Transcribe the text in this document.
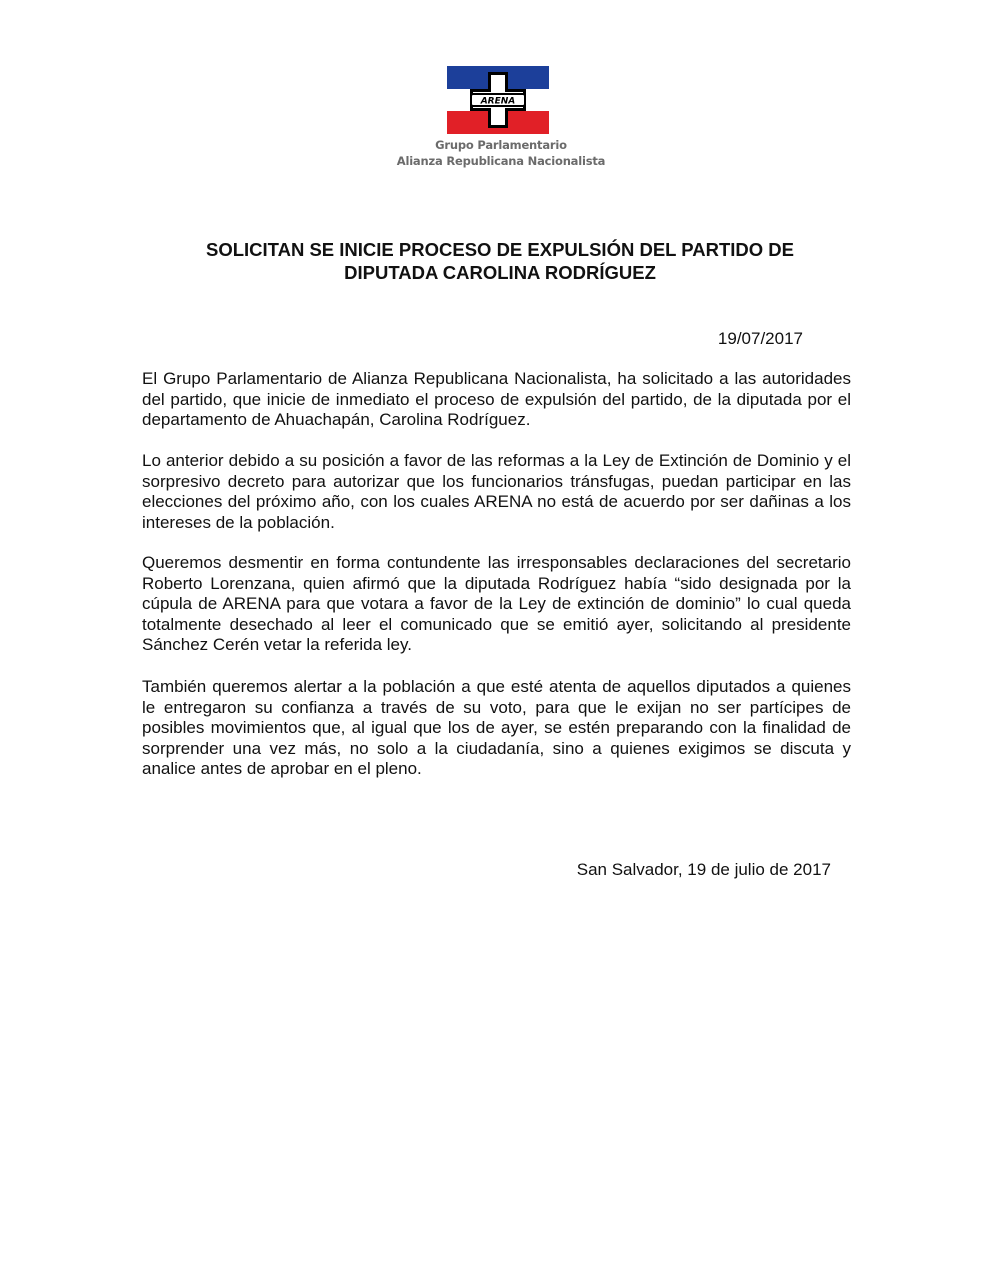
ARENA
Grupo Parlamentario
Alianza Republicana Nacionalista
SOLICITAN SE INICIE PROCESO DE EXPULSIÓN DEL PARTIDO DE
DIPUTADA CAROLINA RODRÍGUEZ
19/07/2017

El Grupo Parlamentario de Alianza Republicana Nacionalista, ha solicitado a las autoridades del partido, que inicie de inmediato el proceso de expulsión del partido, de la diputada por el departamento de Ahuachapán, Carolina Rodríguez.

Lo anterior debido a su posición a favor de las reformas a la Ley de Extinción de Dominio y el sorpresivo decreto para autorizar que los funcionarios tránsfugas, puedan participar en las elecciones del próximo año, con los cuales ARENA no está de acuerdo por ser dañinas a los intereses de la población.

Queremos desmentir en forma contundente las irresponsables declaraciones del secretario Roberto Lorenzana, quien afirmó que la diputada Rodríguez había “sido designada por la cúpula de ARENA para que votara a favor de la Ley de extinción de dominio” lo cual queda totalmente desechado al leer el comunicado que se emitió ayer, solicitando al presidente Sánchez Cerén vetar la referida ley.

También queremos alertar a la población a que esté atenta de aquellos diputados a quienes le entregaron su confianza a través de su voto, para que le exijan no ser partícipes de posibles movimientos que, al igual que los de ayer, se estén preparando con la finalidad de sorprender una vez más, no solo a la ciudadanía, sino a quienes exigimos se discuta y analice antes de aprobar en el pleno.

San Salvador, 19 de julio de 2017
